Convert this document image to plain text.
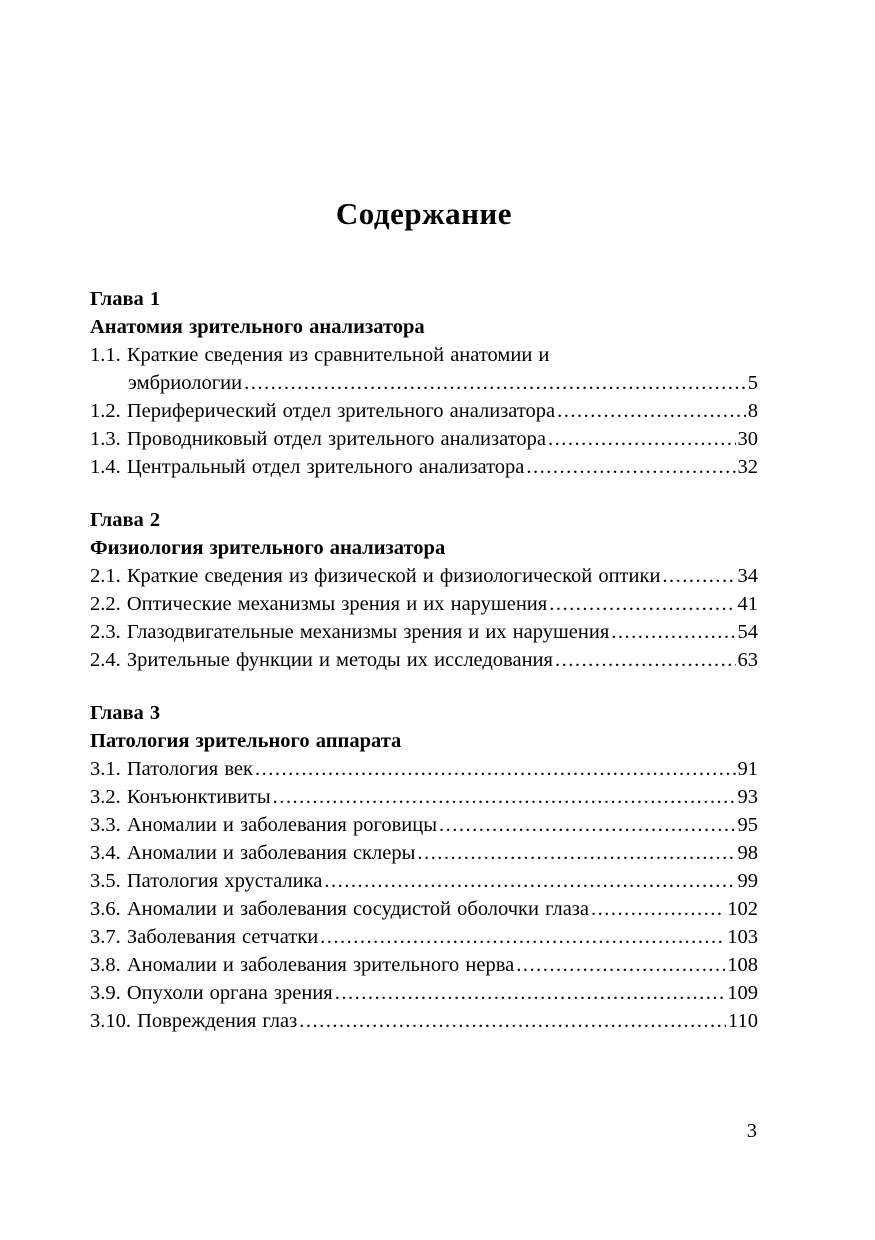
Содержание
Глава 1
Анатомия зрительного анализатора
1.1. Краткие сведения из сравнительной анатомии и
эмбриологии .....	5
1.2. Периферический отдел зрительного анализатора .....	8
1.3. Проводниковый отдел зрительного анализатора .....	30
1.4. Центральный отдел зрительного анализатора .....	32
Глава 2
Физиология зрительного анализатора
2.1. Краткие сведения из физической и физиологической оптики .....	34
2.2. Оптические механизмы зрения и их нарушения .....	41
2.3. Глазодвигательные механизмы зрения и их нарушения .....	54
2.4. Зрительные функции и методы их исследования .....	63
Глава 3
Патология зрительного аппарата
3.1. Патология век .....	91
3.2. Конъюнктивиты .....	93
3.3. Аномалии и заболевания роговицы .....	95
3.4. Аномалии и заболевания склеры .....	98
3.5. Патология хрусталика .....	99
3.6. Аномалии и заболевания сосудистой оболочки глаза .....	102
3.7. Заболевания сетчатки .....	103
3.8. Аномалии и заболевания зрительного нерва .....	108
3.9. Опухоли органа зрения .....	109
3.10. Повреждения глаз .....	110
3
